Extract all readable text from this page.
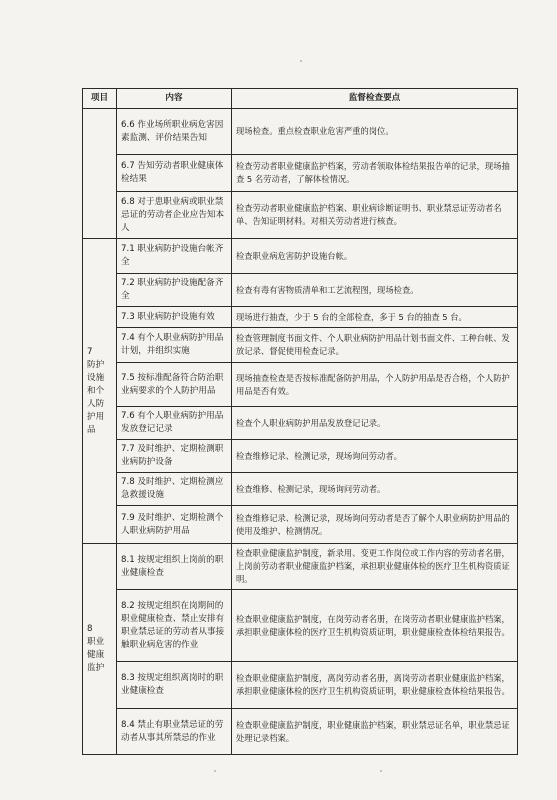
项目	内容	监督检查要点
	6.6 作业场所职业病危害因素监测、评价结果告知	现场检查。重点检查职业危害严重的岗位。
	6.7 告知劳动者职业健康体检结果	检查劳动者职业健康监护档案，劳动者领取体检结果报告单的记录，现场抽查 5 名劳动者，了解体检情况。
	6.8 对于患职业病或职业禁忌证的劳动者企业应告知本人	检查劳动者职业健康监护档案、职业病诊断证明书、职业禁忌证劳动者名单、告知证明材料。对相关劳动者进行核查。
7
防护设施和个人防护用品	7.1 职业病防护设施台帐齐全	检查职业病危害防护设施台帐。
	7.2 职业病防护设施配备齐全	检查有毒有害物质清单和工艺流程图，现场检查。
	7.3 职业病防护设施有效	现场进行抽查，少于 5 台的全部检查，多于 5 台的抽查 5 台。
	7.4 有个人职业病防护用品计划，并组织实施	检查管理制度书面文件、个人职业病防护用品计划书面文件、工种台帐、发放记录、督促使用检查记录。
	7.5 按标准配备符合防治职业病要求的个人防护用品	现场抽查检查是否按标准配备防护用品，个人防护用品是否合格，个人防护用品是否有效。
	7.6 有个人职业病防护用品发放登记记录	检查个人职业病防护用品发放登记记录。
	7.7 及时维护、定期检测职业病防护设备	检查维修记录、检测记录，现场询问劳动者。
	7.8 及时维护、定期检测应急救援设施	检查维修、检测记录，现场询问劳动者。
	7.9 及时维护、定期检测个人职业病防护用品	检查维修记录、检测记录，现场询问劳动者是否了解个人职业病防护用品的使用及维护、检测情况。
8
职业健康监护	8.1 按规定组织上岗前的职业健康检查	检查职业健康监护制度，新录用、变更工作岗位或工作内容的劳动者名册，上岗前劳动者职业健康监护档案，承担职业健康体检的医疗卫生机构资质证明。
	8.2 按规定组织在岗期间的职业健康检查、禁止安排有职业禁忌证的劳动者从事接触职业病危害的作业	检查职业健康监护制度，在岗劳动者名册，在岗劳动者职业健康监护档案，承担职业健康体检的医疗卫生机构资质证明，职业健康检查体检结果报告。
	8.3 按规定组织离岗时的职业健康检查	检查职业健康监护制度，离岗劳动者名册，离岗劳动者职业健康监护档案，承担职业健康体检的医疗卫生机构资质证明，职业健康检查体检结果报告。
	8.4 禁止有职业禁忌证的劳动者从事其所禁忌的作业	检查职业健康监护制度，职业健康监护档案，职业禁忌证名单，职业禁忌证处理记录档案。
